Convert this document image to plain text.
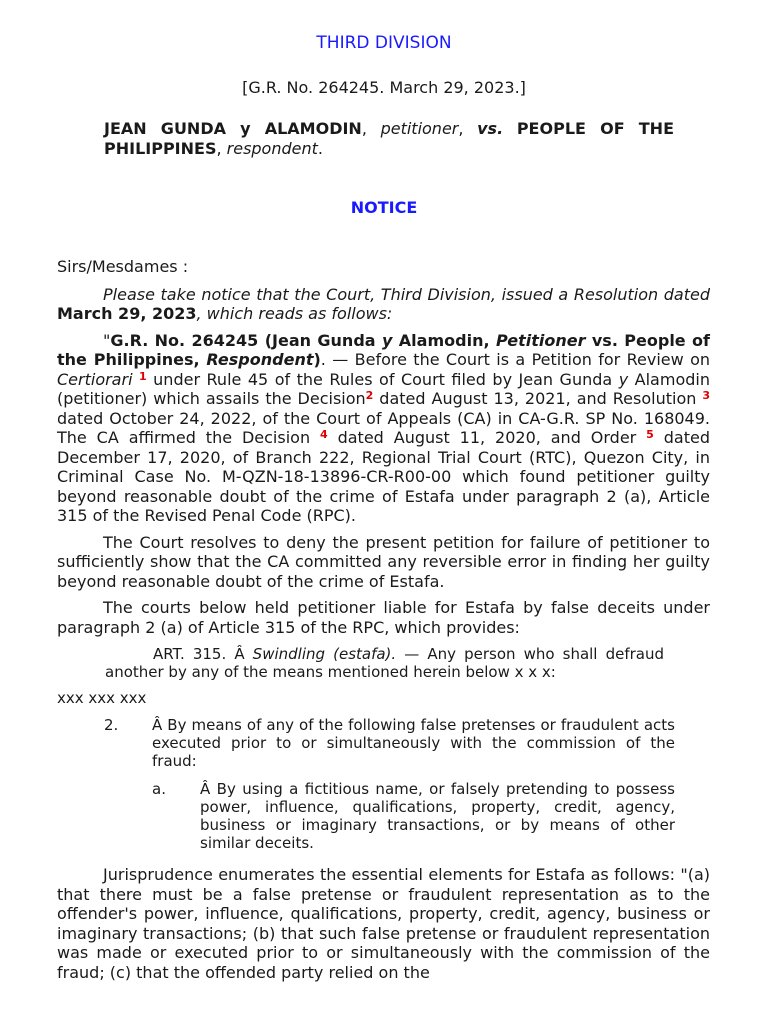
THIRD DIVISION
[G.R. No. 264245. March 29, 2023.]
JEAN GUNDA y ALAMODIN, petitioner, vs. PEOPLE OF THE PHILIPPINES, respondent.
NOTICE

Sirs/Mesdames :

Please take notice that the Court, Third Division, issued a Resolution dated March 29, 2023, which reads as follows:

"G.R. No. 264245 (Jean Gunda y Alamodin, Petitioner vs. People of the Philippines, Respondent). — Before the Court is a Petition for Review on Certiorari $^1$ under Rule 45 of the Rules of Court filed by Jean Gunda y Alamodin (petitioner) which assails the Decision$^2$ dated August 13, 2021, and Resolution $^3$ dated October 24, 2022, of the Court of Appeals (CA) in CA-G.R. SP No. 168049. The CA affirmed the Decision $^4$ dated August 11, 2020, and Order $^5$ dated December 17, 2020, of Branch 222, Regional Trial Court (RTC), Quezon City, in Criminal Case No. M-QZN-18-13896-CR-R00-00 which found petitioner guilty beyond reasonable doubt of the crime of Estafa under paragraph 2 (a), Article 315 of the Revised Penal Code (RPC).

The Court resolves to deny the present petition for failure of petitioner to sufficiently show that the CA committed any reversible error in finding her guilty beyond reasonable doubt of the crime of Estafa.

The courts below held petitioner liable for Estafa by false deceits under paragraph 2 (a) of Article 315 of the RPC, which provides:

ART. 315. Â Swindling (estafa). — Any person who shall defraud another by any of the means mentioned herein below x x x:

xxx xxx xxx

2. Â By means of any of the following false pretenses or fraudulent acts executed prior to or simultaneously with the commission of the fraud:

a. Â By using a fictitious name, or falsely pretending to possess power, influence, qualifications, property, credit, agency, business or imaginary transactions, or by means of other similar deceits.

Jurisprudence enumerates the essential elements for Estafa as follows: "(a) that there must be a false pretense or fraudulent representation as to the offender's power, influence, qualifications, property, credit, agency, business or imaginary transactions; (b) that such false pretense or fraudulent representation was made or executed prior to or simultaneously with the commission of the fraud; (c) that the offended party relied on the
